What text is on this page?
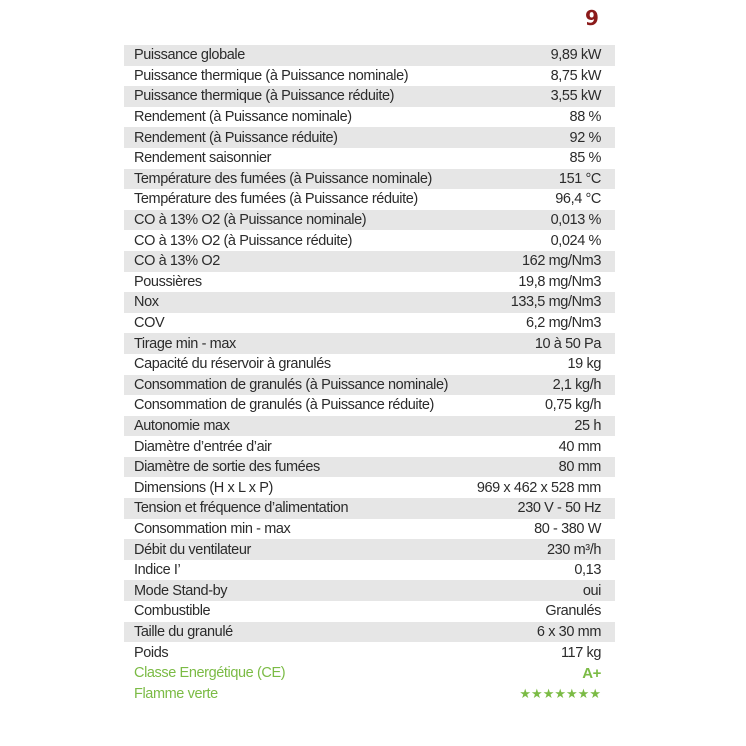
9
Puissance globale	9,89 kW
Puissance thermique (à Puissance nominale)	8,75 kW
Puissance thermique (à Puissance réduite)	3,55 kW
Rendement (à Puissance nominale)	88 %
Rendement (à Puissance réduite)	92 %
Rendement saisonnier	85 %
Température des fumées (à Puissance nominale)	151 °C
Température des fumées (à Puissance réduite)	96,4 °C
CO à 13% O2 (à Puissance nominale)	0,013 %
CO à 13% O2 (à Puissance réduite)	0,024 %
CO à 13% O2	162 mg/Nm3
Poussières	19,8 mg/Nm3
Nox	133,5 mg/Nm3
COV	6,2 mg/Nm3
Tirage min - max	10 à 50 Pa
Capacité du réservoir à granulés	19 kg
Consommation de granulés (à Puissance nominale)	2,1 kg/h
Consommation de granulés (à Puissance réduite)	0,75 kg/h
Autonomie max	25 h
Diamètre d’entrée d’air	40 mm
Diamètre de sortie des fumées	80 mm
Dimensions (H x L x P)	969 x 462 x 528 mm
Tension et fréquence d’alimentation	230 V - 50 Hz
Consommation min - max	80 - 380 W
Débit du ventilateur	230 m³/h
Indice I’	0,13
Mode Stand-by	oui
Combustible	Granulés
Taille du granulé	6 x 30 mm
Poids	117 kg
Classe Energétique (CE)	A+
Flamme verte	★★★★★★★
